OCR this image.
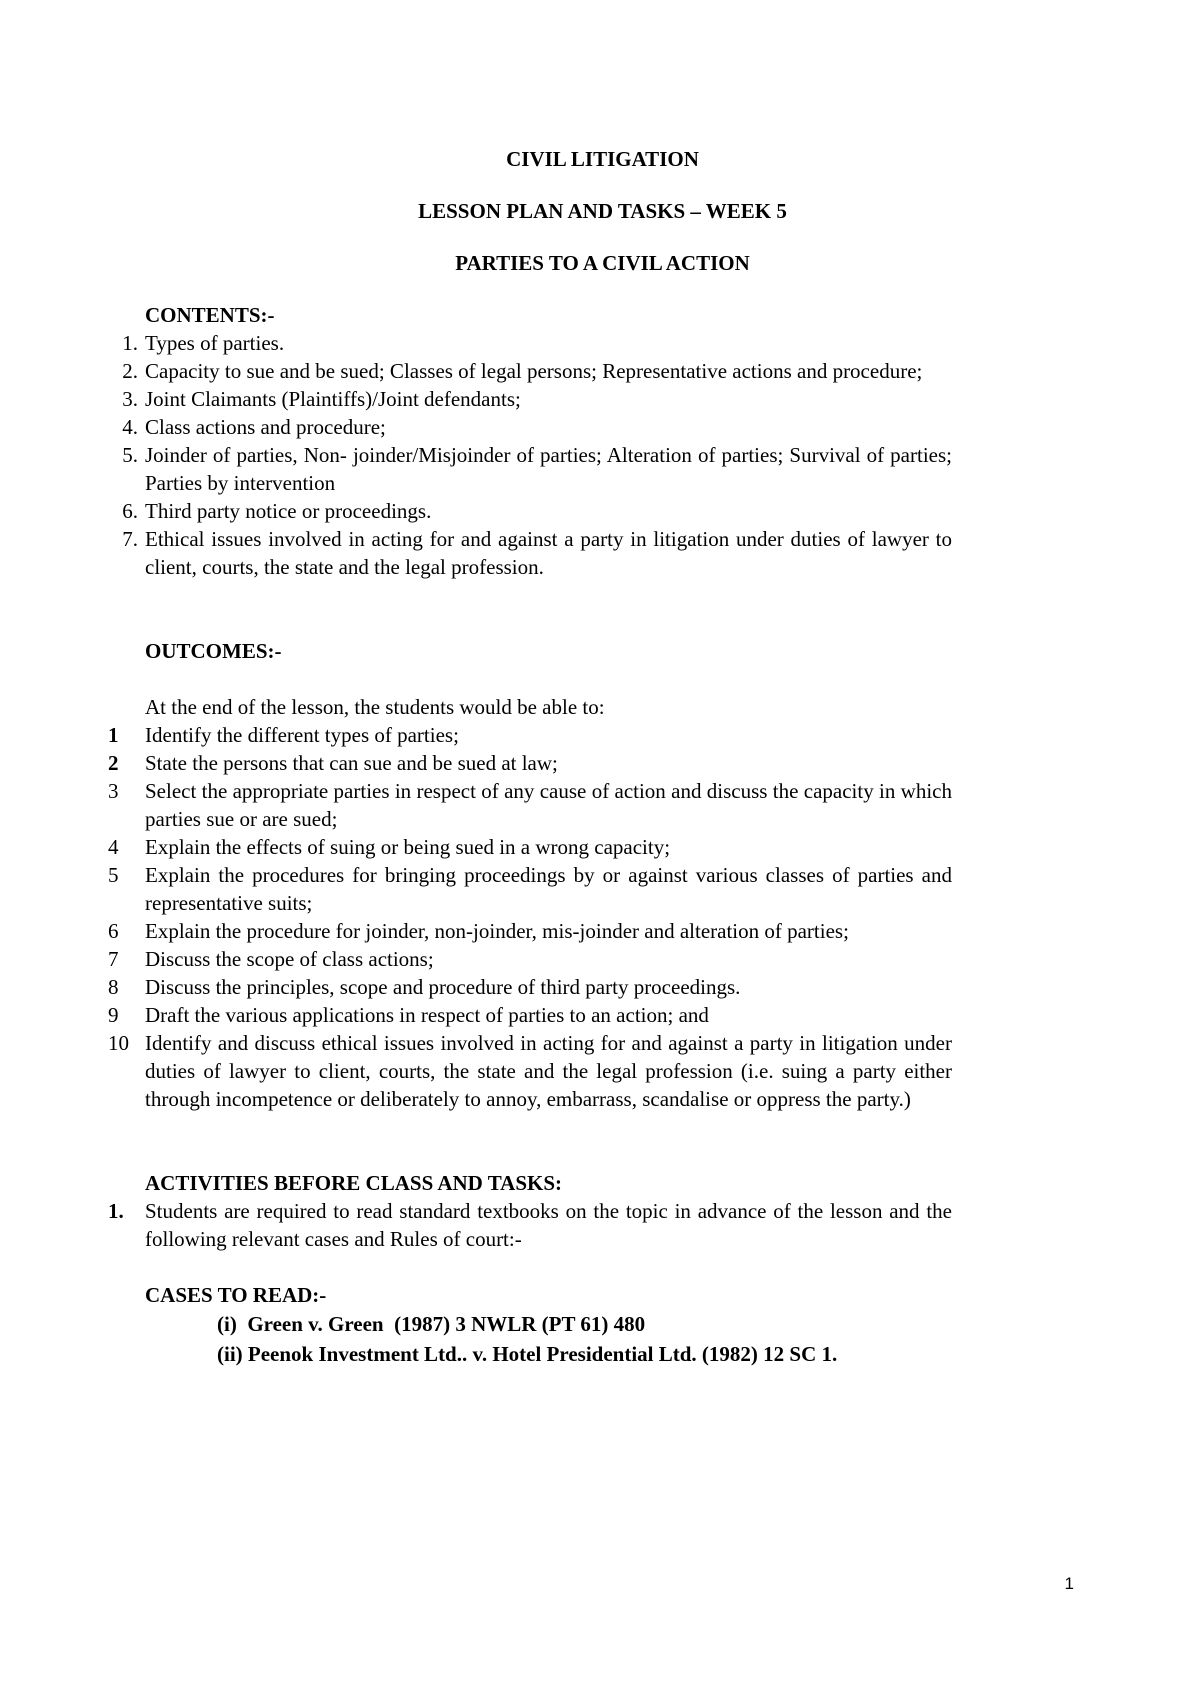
CIVIL LITIGATION
LESSON PLAN AND TASKS – WEEK 5
PARTIES TO A CIVIL ACTION
CONTENTS:-
1. Types of parties.
2. Capacity to sue and be sued; Classes of legal persons; Representative actions and procedure;
3. Joint Claimants (Plaintiffs)/Joint defendants;
4. Class actions and procedure;
5. Joinder of parties, Non- joinder/Misjoinder of parties; Alteration of parties; Survival of parties; Parties by intervention
6. Third party notice or proceedings.
7. Ethical issues involved in acting for and against a party in litigation under duties of lawyer to client, courts, the state and the legal profession.
OUTCOMES:-

At the end of the lesson, the students would be able to:

1	Identify the different types of parties;
2	State the persons that can sue and be sued at law;
3	Select the appropriate parties in respect of any cause of action and discuss the capacity in which parties sue or are sued;
4	Explain the effects of suing or being sued in a wrong capacity;
5	Explain the procedures for bringing proceedings by or against various classes of parties and representative suits;
6	Explain the procedure for joinder, non-joinder, mis-joinder and alteration of parties;
7	Discuss the scope of class actions;
8	Discuss the principles, scope and procedure of third party proceedings.
9	Draft the various applications in respect of parties to an action; and
10 Identify and discuss ethical issues involved in acting for and against a party in litigation under duties of lawyer to client, courts, the state and the legal profession (i.e. suing a party either through incompetence or deliberately to annoy, embarrass, scandalise or oppress the party.)
ACTIVITIES BEFORE CLASS AND TASKS:
1.	Students are required to read standard textbooks on the topic in advance of the lesson and the following relevant cases and Rules of court:-
CASES TO READ:-
(i) Green v. Green  (1987) 3 NWLR (PT 61) 480
(ii) Peenok Investment Ltd.. v. Hotel Presidential Ltd. (1982) 12 SC 1.
1
